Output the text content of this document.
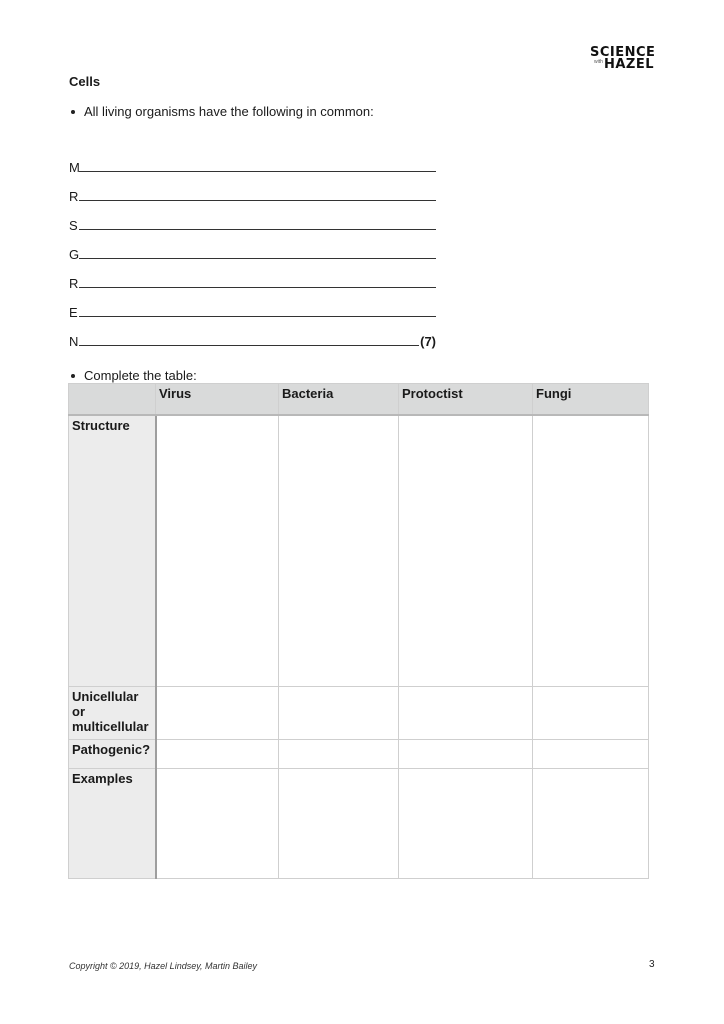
SCIENCE
with HAZEL
Cells
All living organisms have the following in common:
M
R
S
G
R
E
N	(7)
Complete the table:
	Virus	Bacteria	Protoctist	Fungi
Structure				
Unicellular or multicellular				
Pathogenic?				
Examples				
Copyright © 2019, Hazel Lindsey, Martin Bailey	3
